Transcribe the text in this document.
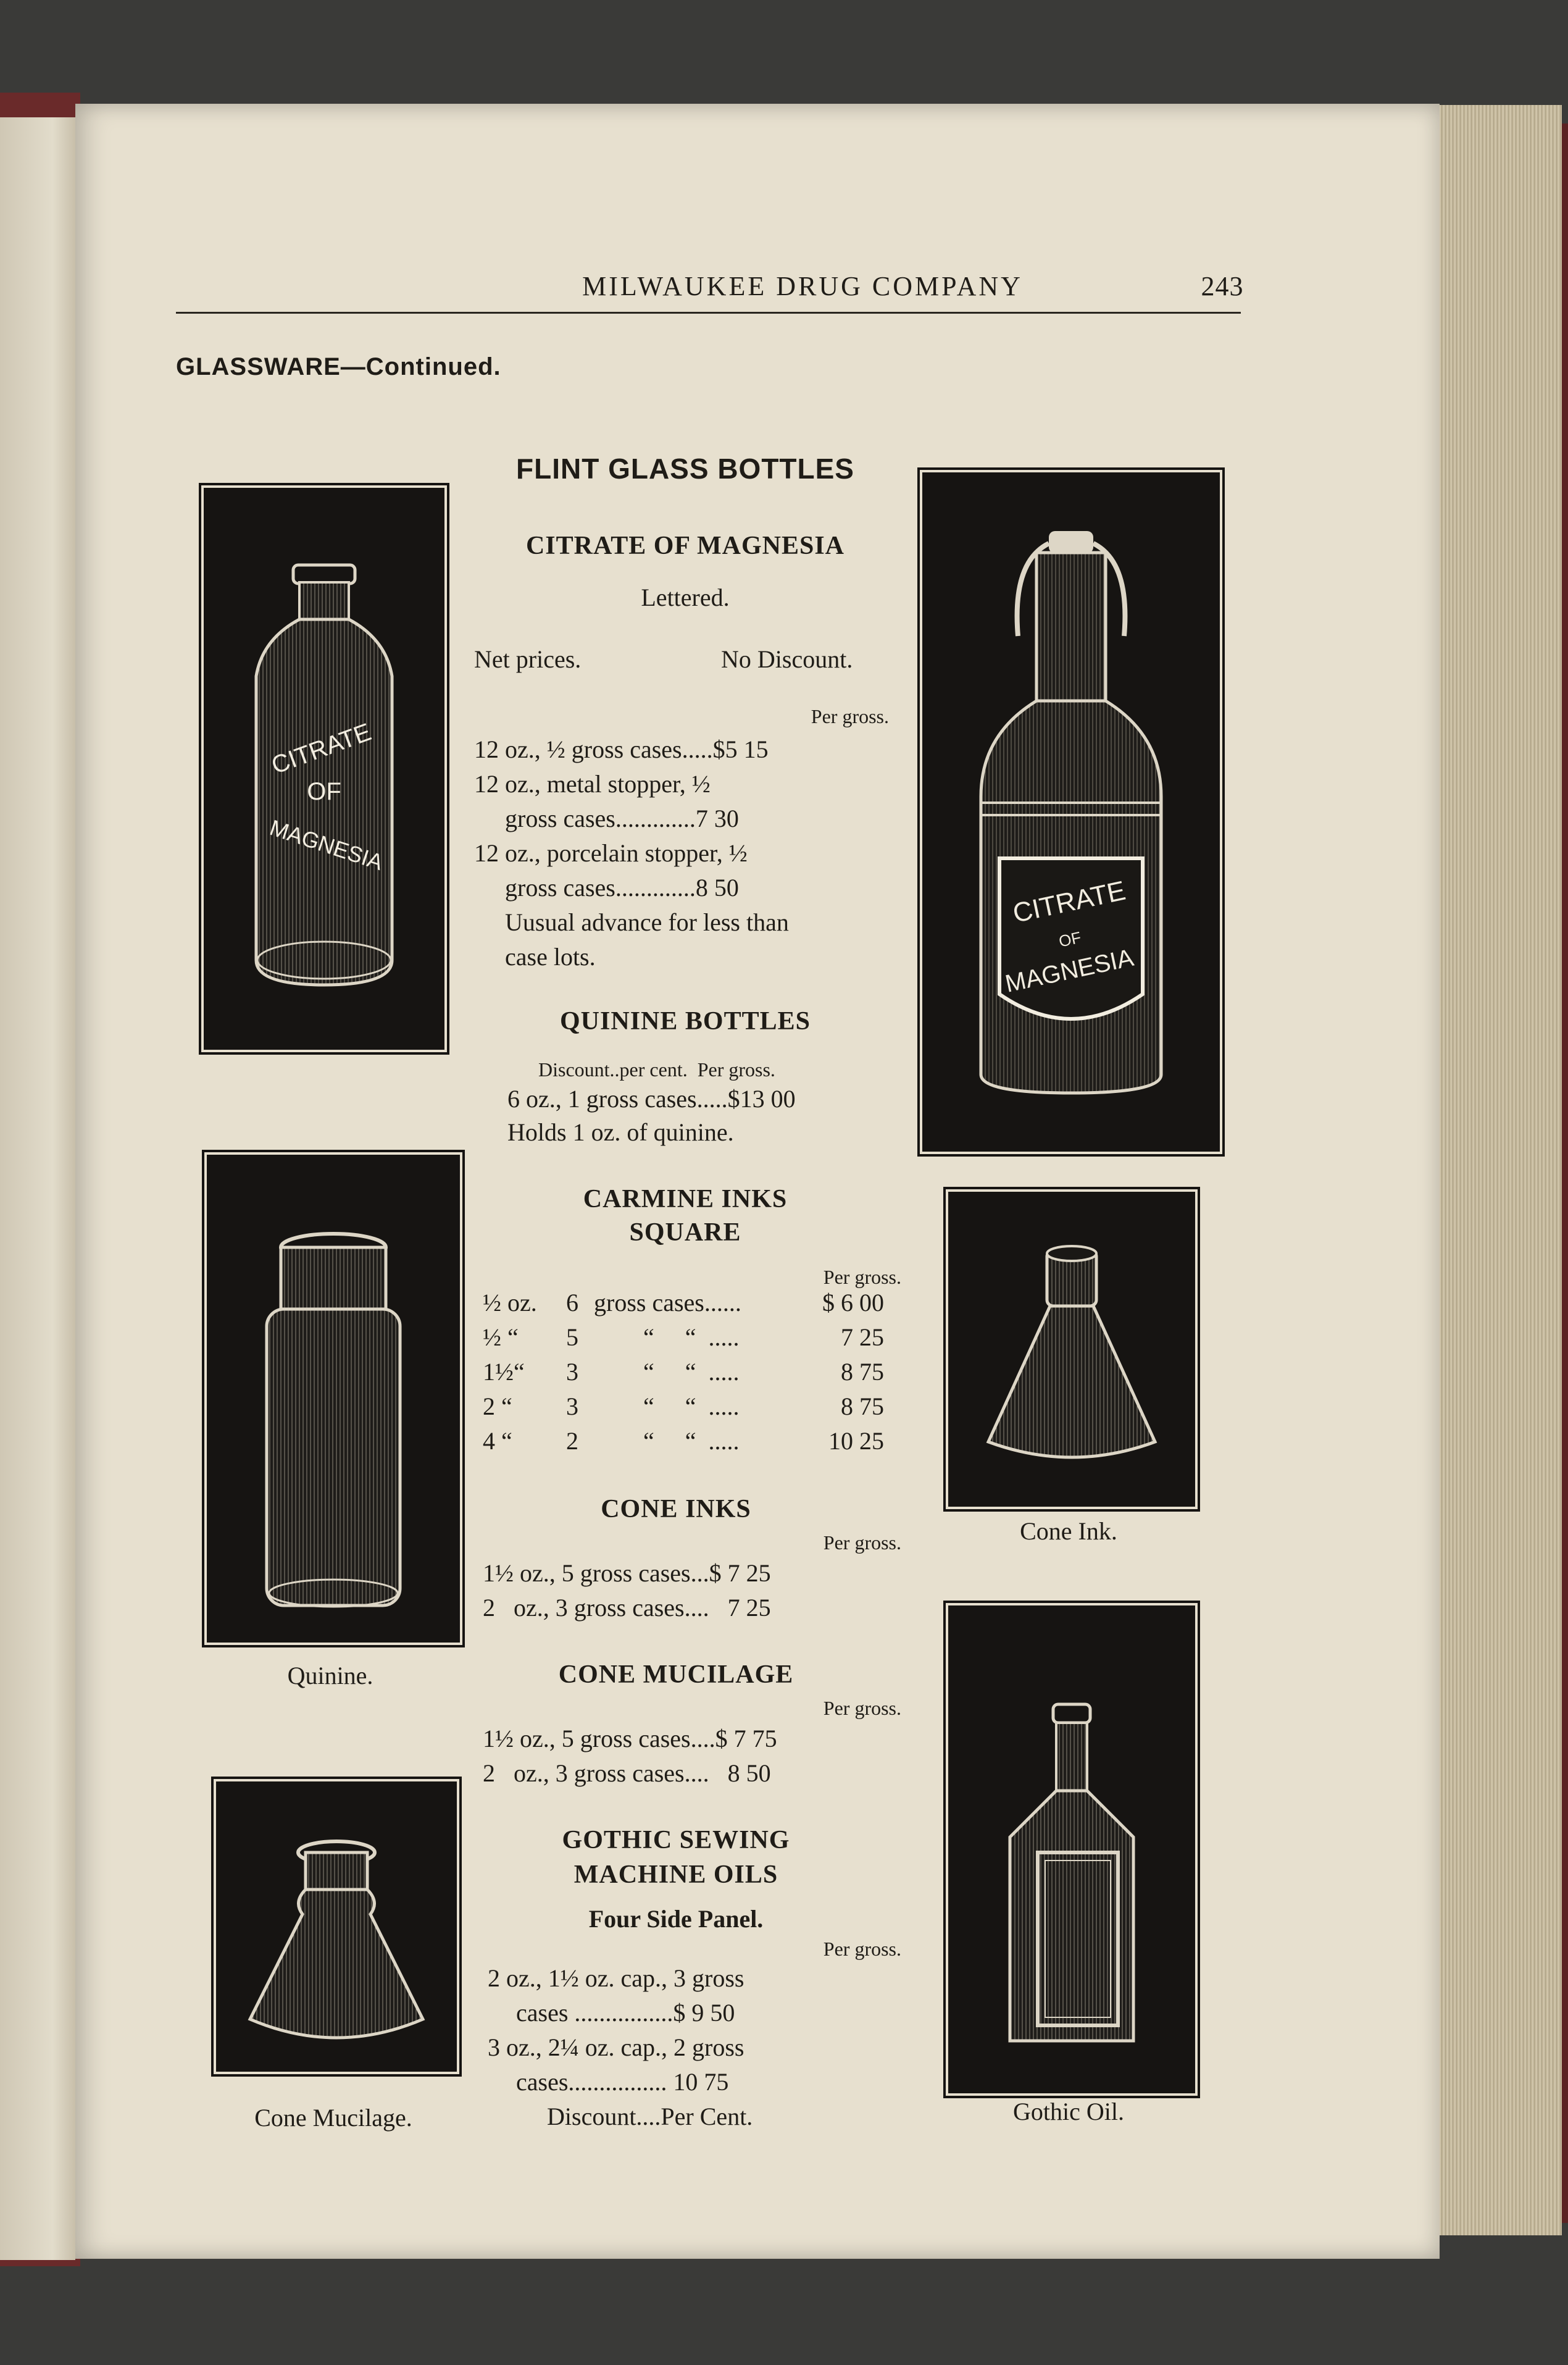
MILWAUKEE DRUG COMPANY	243
GLASSWARE—Continued.
FLINT GLASS BOTTLES
CITRATE OF MAGNESIA
Lettered.
Net prices.	No Discount.
Per gross.
12 oz., ½ gross cases.....$5 15
12 oz., metal stopper, ½
gross cases.............7 30
12 oz., porcelain stopper, ½
gross cases.............8 50
Uusual advance for less than
case lots.
QUININE BOTTLES
Discount..per cent.  Per gross.
6 oz., 1 gross cases.....$13 00
Holds 1 oz. of quinine.
CARMINE INKS
SQUARE
Per gross.
½ oz. 6 gross cases......	$ 6 00
½ “ 5	“     “  .....	7 25
1½“ 3	“     “  .....	8 75
2 “ 3	“     “  .....	8 75
4 “ 2	“     “  .....	10 25
CONE INKS
Per gross.
1½ oz., 5 gross cases...$ 7 25
2   oz., 3 gross cases....   7 25
CONE MUCILAGE
Per gross.
1½ oz., 5 gross cases....$ 7 75
2   oz., 3 gross cases....   8 50
GOTHIC SEWING
MACHINE OILS
Four Side Panel.
Per gross.
2 oz., 1½ oz. cap., 3 gross
cases ................$ 9 50
3 oz., 2¼ oz. cap., 2 gross
cases................ 10 75
Discount....Per Cent.
CITRATE
OF
MAGNESIA
CITRATE
OF
MAGNESIA
Quinine.
Cone Ink.
Cone Mucilage.	Gothic Oil.
